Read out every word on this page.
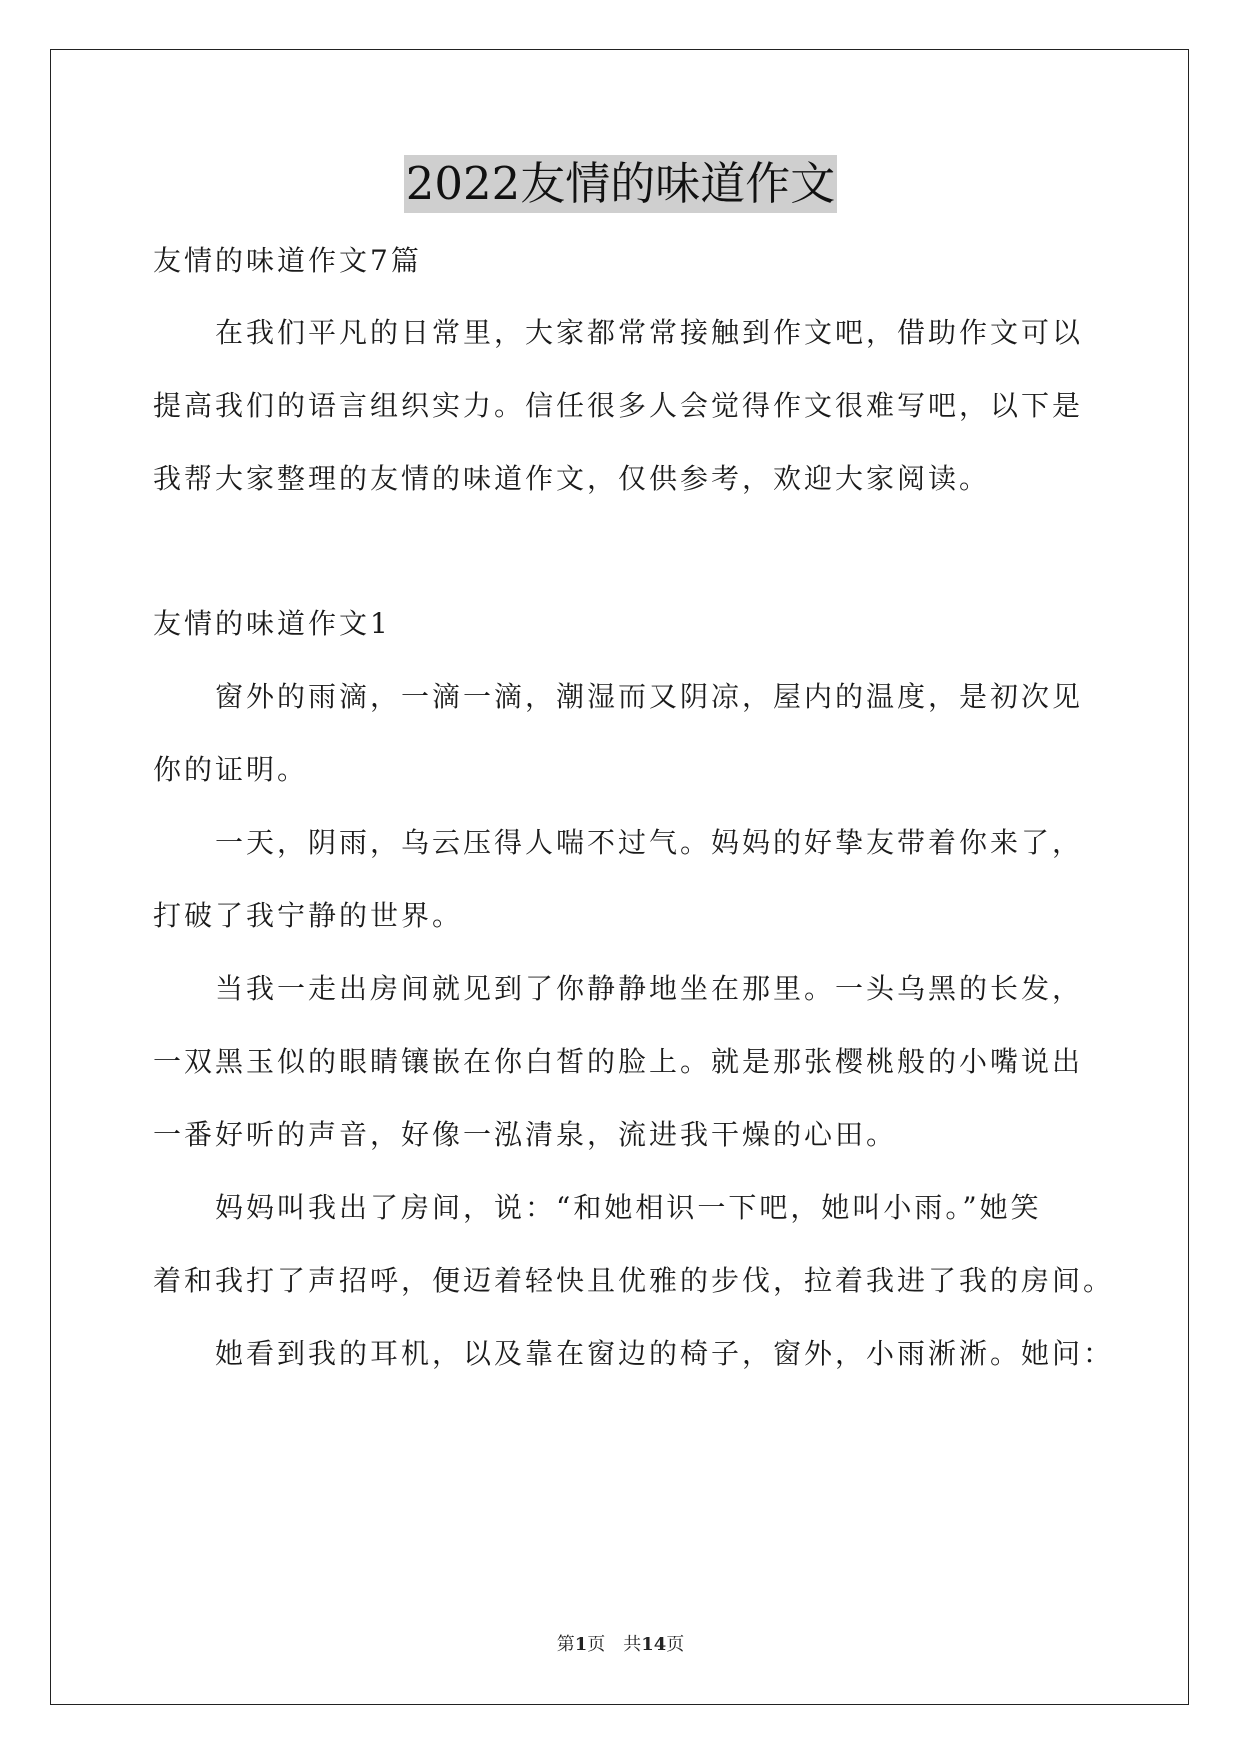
2022友情的味道作文
友情的味道作文7篇
在我们平凡的日常里，大家都常常接触到作文吧，借助作文可以
提高我们的语言组织实力。信任很多人会觉得作文很难写吧，以下是
我帮大家整理的友情的味道作文，仅供参考，欢迎大家阅读。
友情的味道作文1
窗外的雨滴，一滴一滴，潮湿而又阴凉，屋内的温度，是初次见
你的证明。
一天，阴雨，乌云压得人喘不过气。妈妈的好挚友带着你来了，
打破了我宁静的世界。
当我一走出房间就见到了你静静地坐在那里。一头乌黑的长发，
一双黑玉似的眼睛镶嵌在你白皙的脸上。就是那张樱桃般的小嘴说出
一番好听的声音，好像一泓清泉，流进我干燥的心田。
妈妈叫我出了房间，说：“和她相识一下吧，她叫小雨。”她笑
着和我打了声招呼，便迈着轻快且优雅的步伐，拉着我进了我的房间。
她看到我的耳机，以及靠在窗边的椅子，窗外，小雨淅淅。她问：
第1页　共14页
